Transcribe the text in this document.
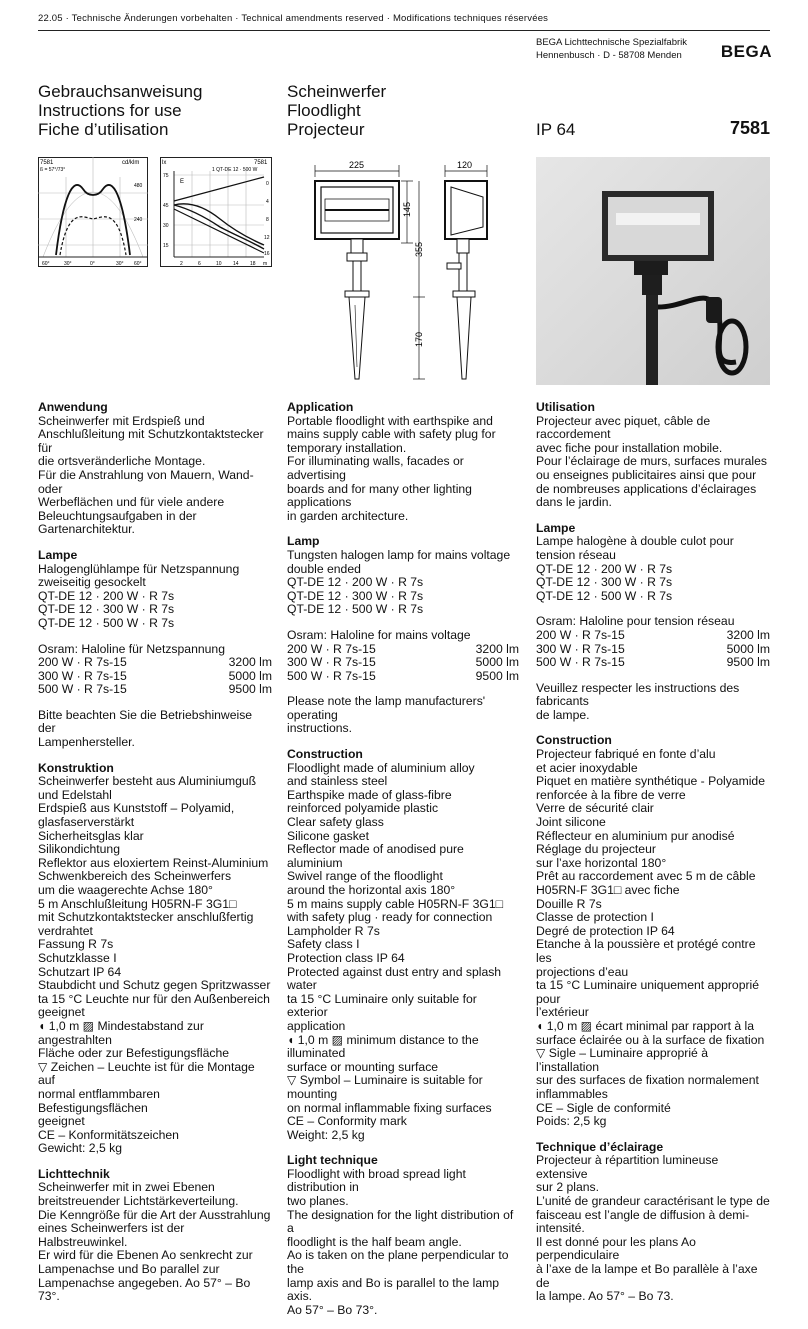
22.05 · Technische Änderungen vorbehalten · Technical amendments reserved · Modifications techniques réservées
BEGA Lichttechnische Spezialfabrik
Hennenbusch · D - 58708 Menden	BEGA
Gebrauchsanweisung
Instructions for use
Fiche d’utilisation
Scheinwerfer
Floodlight
Projecteur	IP 64	7581
7581
ß = 57°/73°
cd/klm
480
240
60°	30°	0°	30° 60°
lx	7581
1 QT-DE 12 · 500 W
E
75
45
30
15
0
4
8
12
16
2	6	10 14 18 m
225	120
145
355
170
Anwendung

Scheinwerfer mit Erdspieß und

Anschlußleitung mit Schutzkontaktstecker für

die ortsveränderliche Montage.

Für die Anstrahlung von Mauern, Wand- oder

Werbeflächen und für viele andere

Beleuchtungsaufgaben in der

Gartenarchitektur.

Lampe

Halogenglühlampe für Netzspannung

zweiseitig gesockelt

QT-DE 12 · 200 W · R 7s

QT-DE 12 · 300 W · R 7s

QT-DE 12 · 500 W · R 7s

Osram: Haloline für Netzspannung

200 W · R 7s-15	3200 lm
300 W · R 7s-15	5000 lm
500 W · R 7s-15	9500 lm

Bitte beachten Sie die Betriebshinweise der

Lampenhersteller.

Konstruktion

Scheinwerfer besteht aus Aluminiumguß

und Edelstahl

Erdspieß aus Kunststoff – Polyamid,

glasfaserverstärkt

Sicherheitsglas klar

Silikondichtung

Reflektor aus eloxiertem Reinst-Aluminium

Schwenkbereich des Scheinwerfers

um die waagerechte Achse 180°

5 m Anschlußleitung H05RN-F 3G1□

mit Schutzkontaktstecker anschlußfertig

verdrahtet

Fassung R 7s

Schutzklasse I

Schutzart IP 64

Staubdicht und Schutz gegen Spritzwasser

ta 15 °C Leuchte nur für den Außenbereich

geeignet

◖ 1,0 m ▨ Mindestabstand zur angestrahlten

Fläche oder zur Befestigungsfläche

▽ Zeichen – Leuchte ist für die Montage auf

normal entflammbaren Befestigungsflächen

geeignet

CE – Konformitätszeichen

Gewicht: 2,5 kg

Lichttechnik

Scheinwerfer mit in zwei Ebenen

breitstreuender Lichtstärkeverteilung.

Die Kenngröße für die Art der Ausstrahlung

eines Scheinwerfers ist der Halbstreuwinkel.

Er wird für die Ebenen Ao senkrecht zur

Lampenachse und Bo parallel zur

Lampenachse angegeben. Ao 57° – Bo 73°.

Application

Portable floodlight with earthspike and

mains supply cable with safety plug for

temporary installation.

For illuminating walls, facades or advertising

boards and for many other lighting applications

in garden architecture.

Lamp

Tungsten halogen lamp for mains voltage

double ended

QT-DE 12 · 200 W · R 7s

QT-DE 12 · 300 W · R 7s

QT-DE 12 · 500 W · R 7s

Osram: Haloline for mains voltage

200 W · R 7s-15	3200 lm
300 W · R 7s-15	5000 lm
500 W · R 7s-15	9500 lm

Please note the lamp manufacturers' operating

instructions.

Construction

Floodlight made of aluminium alloy

and stainless steel

Earthspike made of glass-fibre

reinforced polyamide plastic

Clear safety glass

Silicone gasket

Reflector made of anodised pure aluminium

Swivel range of the floodlight

around the horizontal axis 180°

5 m mains supply cable H05RN-F 3G1□

with safety plug · ready for connection

Lampholder R 7s

Safety class I

Protection class IP 64

Protected against dust entry and splash water

ta 15 °C Luminaire only suitable for exterior

application

◖ 1,0 m ▨ minimum distance to the illuminated

surface or mounting surface

▽ Symbol – Luminaire is suitable for mounting

on normal inflammable fixing surfaces

CE – Conformity mark

Weight: 2,5 kg

Light technique

Floodlight with broad spread light distribution in

two planes.

The designation for the light distribution of a

floodlight is the half beam angle.

Ao is taken on the plane perpendicular to the

lamp axis and Bo is parallel to the lamp axis.

Ao 57° – Bo 73°.

Utilisation

Projecteur avec piquet, câble de raccordement

avec fiche pour installation mobile.

Pour l’éclairage de murs, surfaces murales

ou enseignes publicitaires ainsi que pour

de nombreuses applications d’éclairages

dans le jardin.

Lampe

Lampe halogène à double culot pour

tension réseau

QT-DE 12 · 200 W · R 7s

QT-DE 12 · 300 W · R 7s

QT-DE 12 · 500 W · R 7s

Osram: Haloline pour tension réseau

200 W · R 7s-15	3200 lm
300 W · R 7s-15	5000 lm
500 W · R 7s-15	9500 lm

Veuillez respecter les instructions des fabricants

de lampe.

Construction

Projecteur fabriqué en fonte d’alu

et acier inoxydable

Piquet en matière synthétique - Polyamide

renforcée à la fibre de verre

Verre de sécurité clair

Joint silicone

Réflecteur en aluminium pur anodisé

Réglage du projecteur

sur l’axe horizontal 180°

Prêt au raccordement avec 5 m de câble

H05RN-F 3G1□ avec fiche

Douille R 7s

Classe de protection I

Degré de protection IP 64

Etanche à la poussière et protégé contre les

projections d’eau

ta 15 °C Luminaire uniquement approprié pour

l’extérieur

◖ 1,0 m ▨ écart minimal par rapport à la

surface éclairée ou à la surface de fixation

▽ Sigle – Luminaire approprié à l’installation

sur des surfaces de fixation normalement

inflammables

CE – Sigle de conformité

Poids: 2,5 kg

Technique d’éclairage

Projecteur à répartition lumineuse extensive

sur 2 plans.

L’unité de grandeur caractérisant le type de

faisceau est l’angle de diffusion à demi-

intensité.

Il est donné pour les plans Ao perpendiculaire

à l’axe de la lampe et Bo parallèle à l’axe de

la lampe. Ao 57° – Bo 73.
